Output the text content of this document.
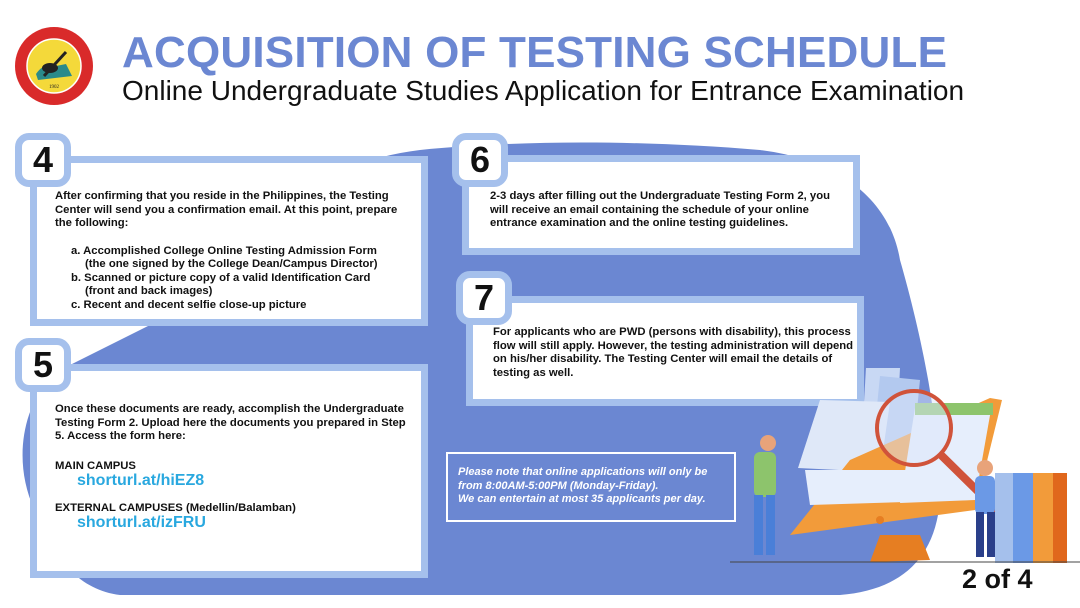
1902
ACQUISITION OF TESTING SCHEDULE
Online Undergraduate Studies Application for Entrance Examination
4
After confirming that you reside in the Philippines, the Testing Center will send you a confirmation email. At this point, prepare the following:
a. Accomplished College Online Testing Admission Form
(the one signed by the College Dean/Campus Director)
b. Scanned or picture copy of a valid Identification Card
(front and back images)
c. Recent and decent selfie close-up picture
5
Once these documents are ready, accomplish the Undergraduate Testing Form 2. Upload here the documents you prepared in Step 5. Access the form here:
MAIN CAMPUS
shorturl.at/hiEZ8
EXTERNAL CAMPUSES (Medellin/Balamban)
shorturl.at/izFRU
6
2-3 days after filling out the Undergraduate Testing Form 2, you will receive an email containing the schedule of your online entrance examination and the online testing guidelines.
7
For applicants who are PWD (persons with disability), this process flow will still apply. However, the testing administration will depend on his/her disability. The Testing Center will email the details of testing as well.
Please note that online applications will only be
from 8:00AM-5:00PM (Monday-Friday).
We can entertain at most 35 applicants per day.
2 of 4
